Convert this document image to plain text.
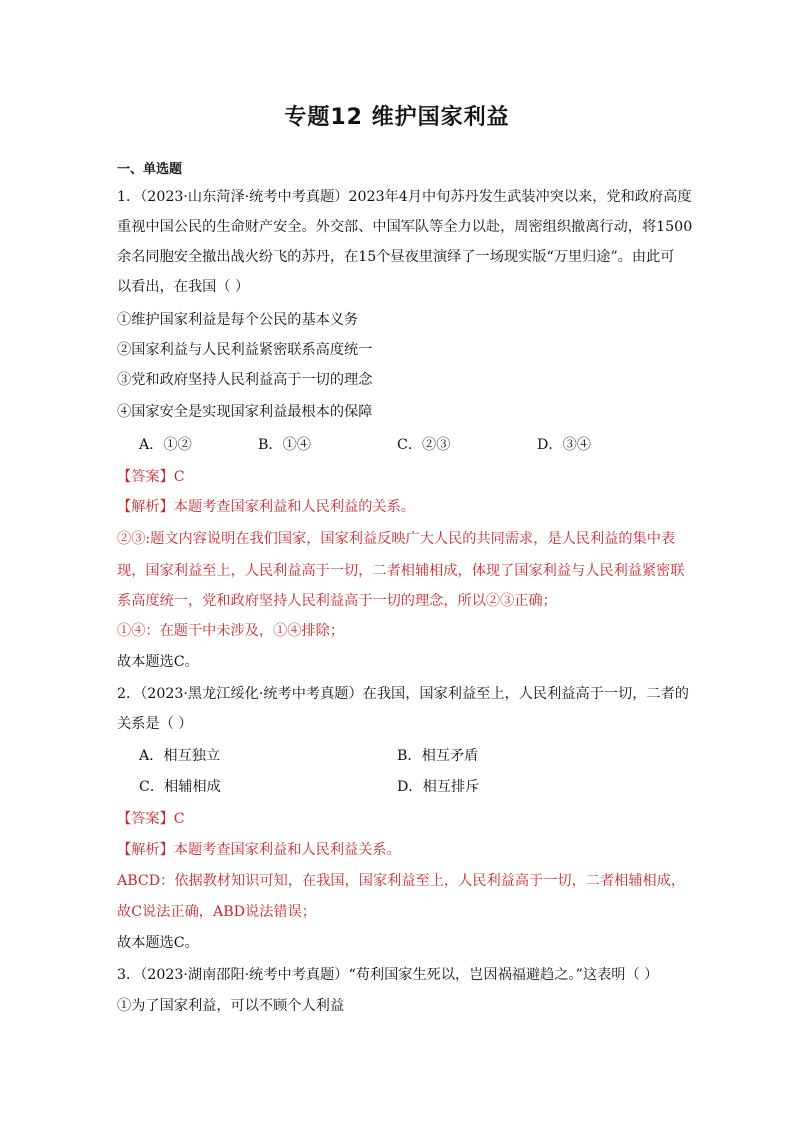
专题12 维护国家利益
一、单选题
1．（2023·山东菏泽·统考中考真题）2023年4月中旬苏丹发生武装冲突以来，党和政府高度
重视中国公民的生命财产安全。外交部、中国军队等全力以赴，周密组织撤离行动，将1500
余名同胞安全撤出战火纷飞的苏丹，在15个昼夜里演绎了一场现实版“万里归途”。由此可
以看出，在我国（ ）
①维护国家利益是每个公民的基本义务
②国家利益与人民利益紧密联系高度统一
③党和政府坚持人民利益高于一切的理念
④国家安全是实现国家利益最根本的保障
A．①②	B．①④	C．②③	D．③④
【答案】C
【解析】本题考查国家利益和人民利益的关系。
②③:题文内容说明在我们国家，国家利益反映广大人民的共同需求，是人民利益的集中表
现，国家利益至上，人民利益高于一切，二者相辅相成，体现了国家利益与人民利益紧密联
系高度统一，党和政府坚持人民利益高于一切的理念，所以②③正确；
①④：在题干中未涉及，①④排除；
故本题选C。
2．（2023·黑龙江绥化·统考中考真题）在我国，国家利益至上，人民利益高于一切，二者的
关系是（ ）
A．相互独立	B．相互矛盾
C．相辅相成	D．相互排斥
【答案】C
【解析】本题考查国家利益和人民利益关系。
ABCD：依据教材知识可知，在我国，国家利益至上，人民利益高于一切，二者相辅相成，
故C说法正确，ABD说法错误；
故本题选C。
3．（2023·湖南邵阳·统考中考真题）“苟利国家生死以，岂因祸福避趋之。”这表明（ ）
①为了国家利益，可以不顾个人利益
